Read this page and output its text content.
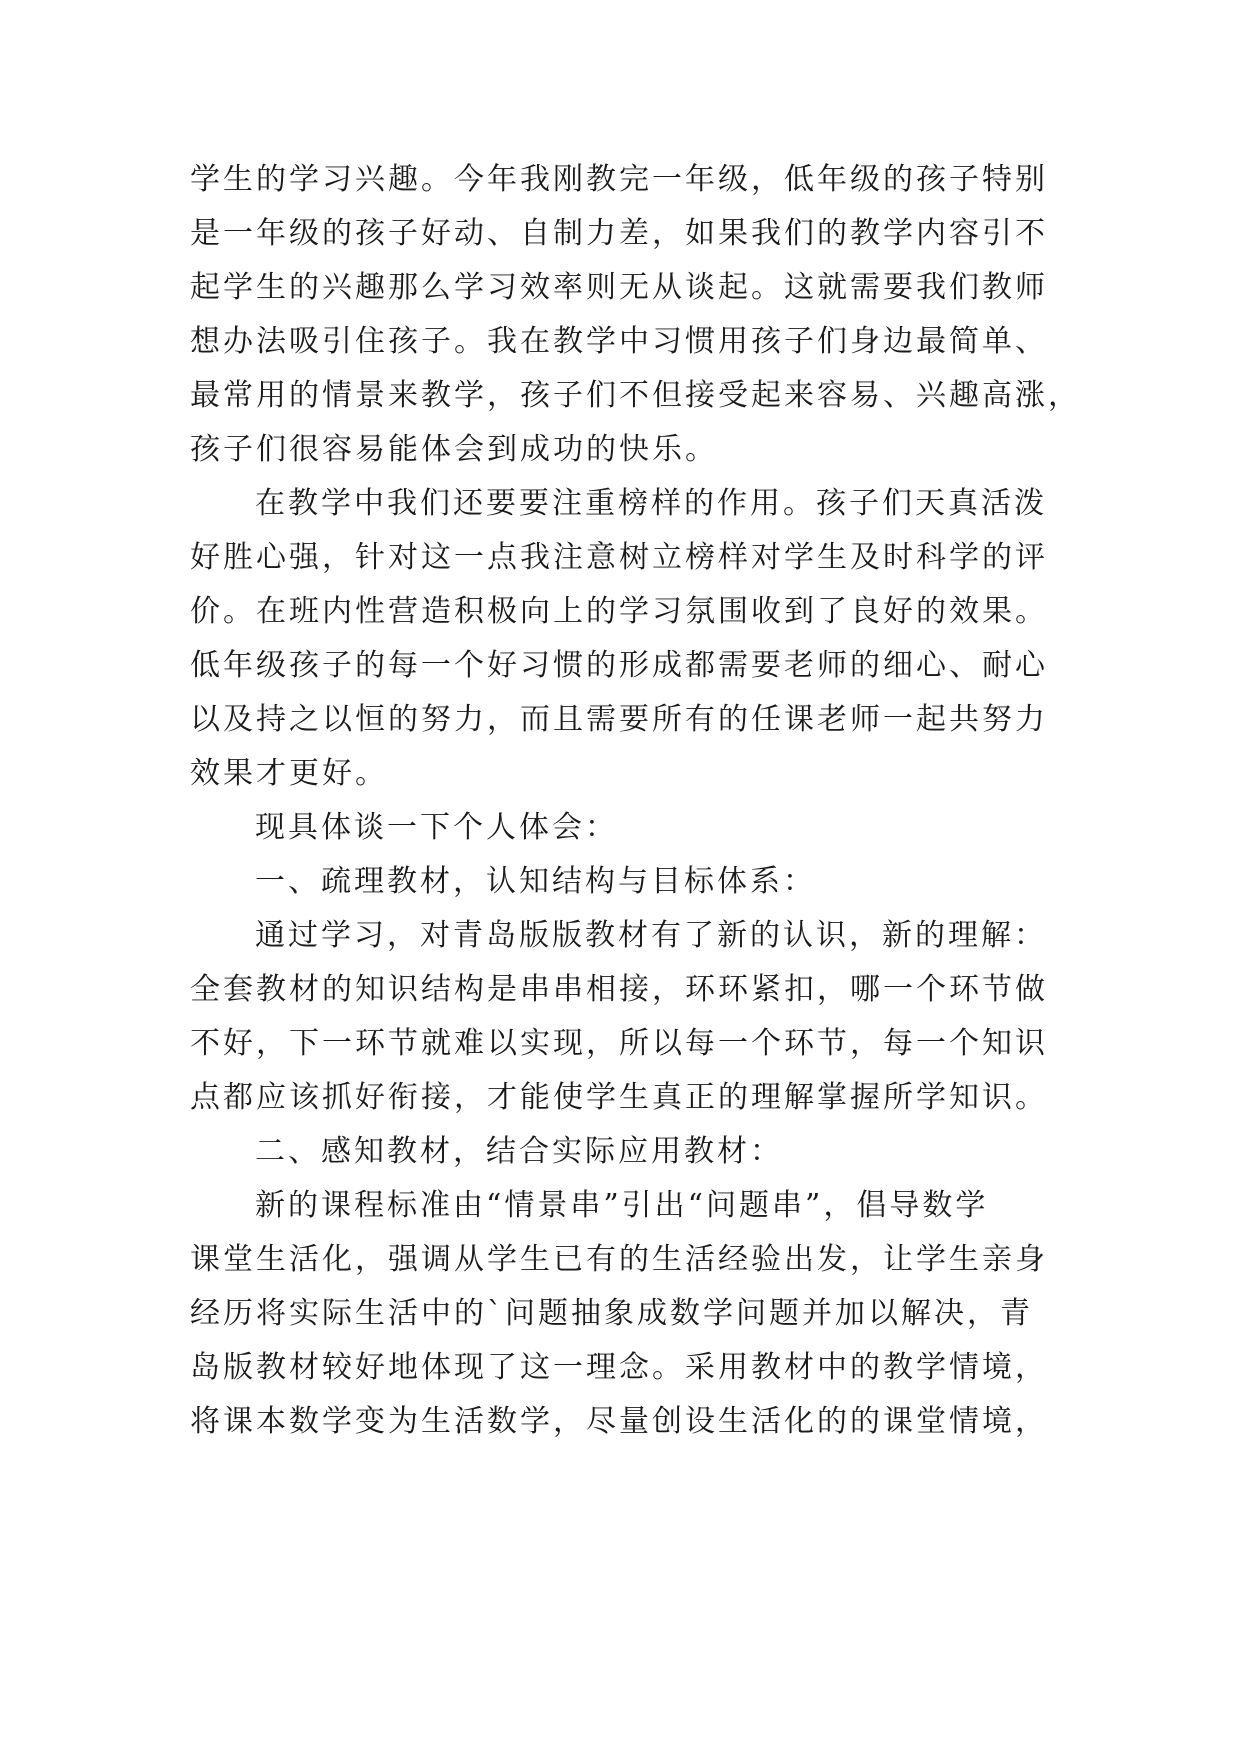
学生的学习兴趣。今年我刚教完一年级，低年级的孩子特别
是一年级的孩子好动、自制力差，如果我们的教学内容引不
起学生的兴趣那么学习效率则无从谈起。这就需要我们教师
想办法吸引住孩子。我在教学中习惯用孩子们身边最简单、
最常用的情景来教学，孩子们不但接受起来容易、兴趣高涨，
孩子们很容易能体会到成功的快乐。
在教学中我们还要要注重榜样的作用。孩子们天真活泼
好胜心强，针对这一点我注意树立榜样对学生及时科学的评
价。在班内性营造积极向上的学习氛围收到了良好的效果。
低年级孩子的每一个好习惯的形成都需要老师的细心、耐心
以及持之以恒的努力，而且需要所有的任课老师一起共努力
效果才更好。
现具体谈一下个人体会：
一、疏理教材，认知结构与目标体系：
通过学习，对青岛版版教材有了新的认识，新的理解：
全套教材的知识结构是串串相接，环环紧扣，哪一个环节做
不好，下一环节就难以实现，所以每一个环节，每一个知识
点都应该抓好衔接，才能使学生真正的理解掌握所学知识。
二、感知教材，结合实际应用教材：
新的课程标准由“情景串”引出“问题串”，倡导数学
课堂生活化，强调从学生已有的生活经验出发，让学生亲身
经历将实际生活中的`问题抽象成数学问题并加以解决，青
岛版教材较好地体现了这一理念。采用教材中的教学情境，
将课本数学变为生活数学，尽量创设生活化的的课堂情境，
